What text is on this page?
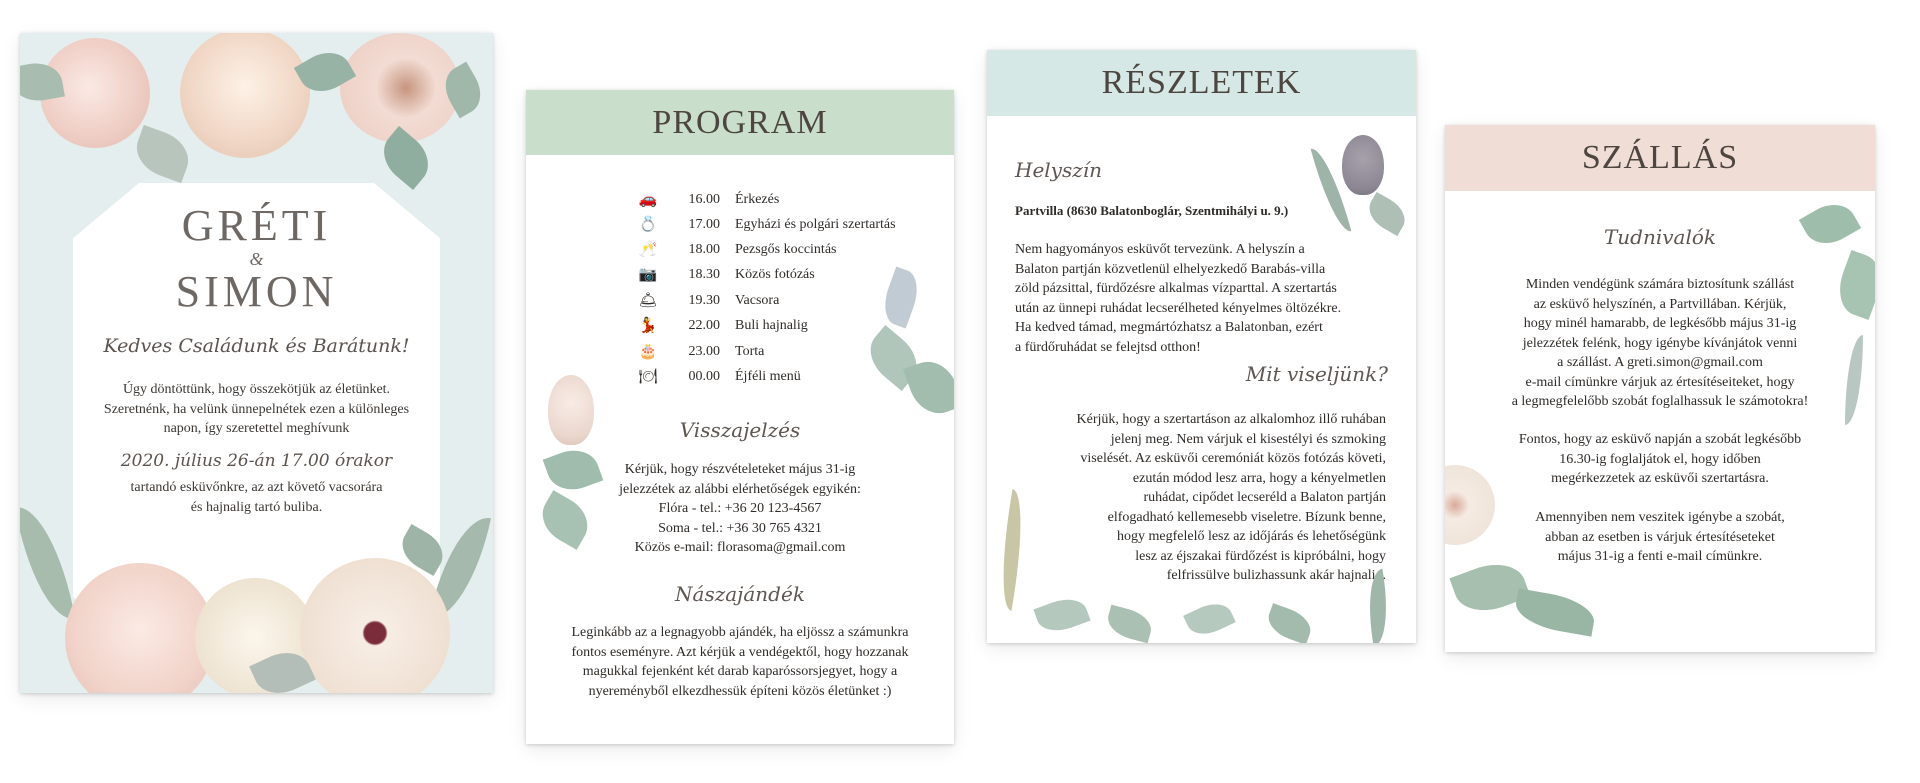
GRÉTI
&
SIMON
Kedves Családunk és Barátunk!
Úgy döntöttünk, hogy összekötjük az életünket.
Szeretnénk, ha velünk ünnepelnétek ezen a különleges
napon, így szeretettel meghívunk
2020. július 26-án 17.00 órakor
tartandó esküvőnkre, az azt követő vacsorára
és hajnalig tartó buliba.
PROGRAM
🚗	16.00 Érkezés
💍	17.00 Egyházi és polgári szertartás
🥂	18.00 Pezsgős koccintás
📷	18.30 Közös fotózás
🛎	19.30 Vacsora
💃	22.00 Buli hajnalig
🎂	23.00 Torta
🍽	00.00 Éjféli menü
Visszajelzés
Kérjük, hogy részvételeteket május 31-ig
jelezzétek az alábbi elérhetőségek egyikén:
Flóra - tel.: +36 20 123-4567
Soma - tel.: +36 30 765 4321
Közös e-mail: florasoma@gmail.com
Nászajándék
Leginkább az a legnagyobb ajándék, ha eljössz a számunkra
fontos eseményre. Azt kérjük a vendégektől, hogy hozzanak
magukkal fejenként két darab kaparóssorsjegyet, hogy a
nyereményből elkezdhessük építeni közös életünket :)
RÉSZLETEK
Helyszín
Partvilla (8630 Balatonboglár, Szentmihályi u. 9.)
Nem hagyományos esküvőt tervezünk. A helyszín a
Balaton partján közvetlenül elhelyezkedő Barabás-villa
zöld pázsittal, fürdőzésre alkalmas vízparttal. A szertartás
után az ünnepi ruhádat lecserélheted kényelmes öltözékre.
Ha kedved támad, megmártózhatsz a Balatonban, ezért
a fürdőruhádat se felejtsd otthon!
Mit viseljünk?
Kérjük, hogy a szertartáson az alkalomhoz illő ruhában
jelenj meg. Nem várjuk el kisestélyi és szmoking
viselését. Az esküvői ceremóniát közös fotózás követi,
ezután módod lesz arra, hogy a kényelmetlen
ruhádat, cipődet lecseréld a Balaton partján
elfogadható kellemesebb viseletre. Bízunk benne,
hogy megfelelő lesz az időjárás és lehetőségünk
lesz az éjszakai fürdőzést is kipróbálni, hogy
felfrissülve bulizhassunk akár hajnalig.
SZÁLLÁS
Tudnivalók
Minden vendégünk számára biztosítunk szállást
az esküvő helyszínén, a Partvillában. Kérjük,
hogy minél hamarabb, de legkésőbb május 31-ig
jelezzétek felénk, hogy igénybe kívánjátok venni
a szállást. A greti.simon@gmail.com
e-mail címünkre várjuk az értesítéseiteket, hogy
a legmegfelelőbb szobát foglalhassuk le számotokra!
Fontos, hogy az esküvő napján a szobát legkésőbb
16.30-ig foglaljátok el, hogy időben
megérkezzetek az esküvői szertartásra.
Amennyiben nem veszitek igénybe a szobát,
abban az esetben is várjuk értesítéseteket
május 31-ig a fenti e-mail címünkre.
